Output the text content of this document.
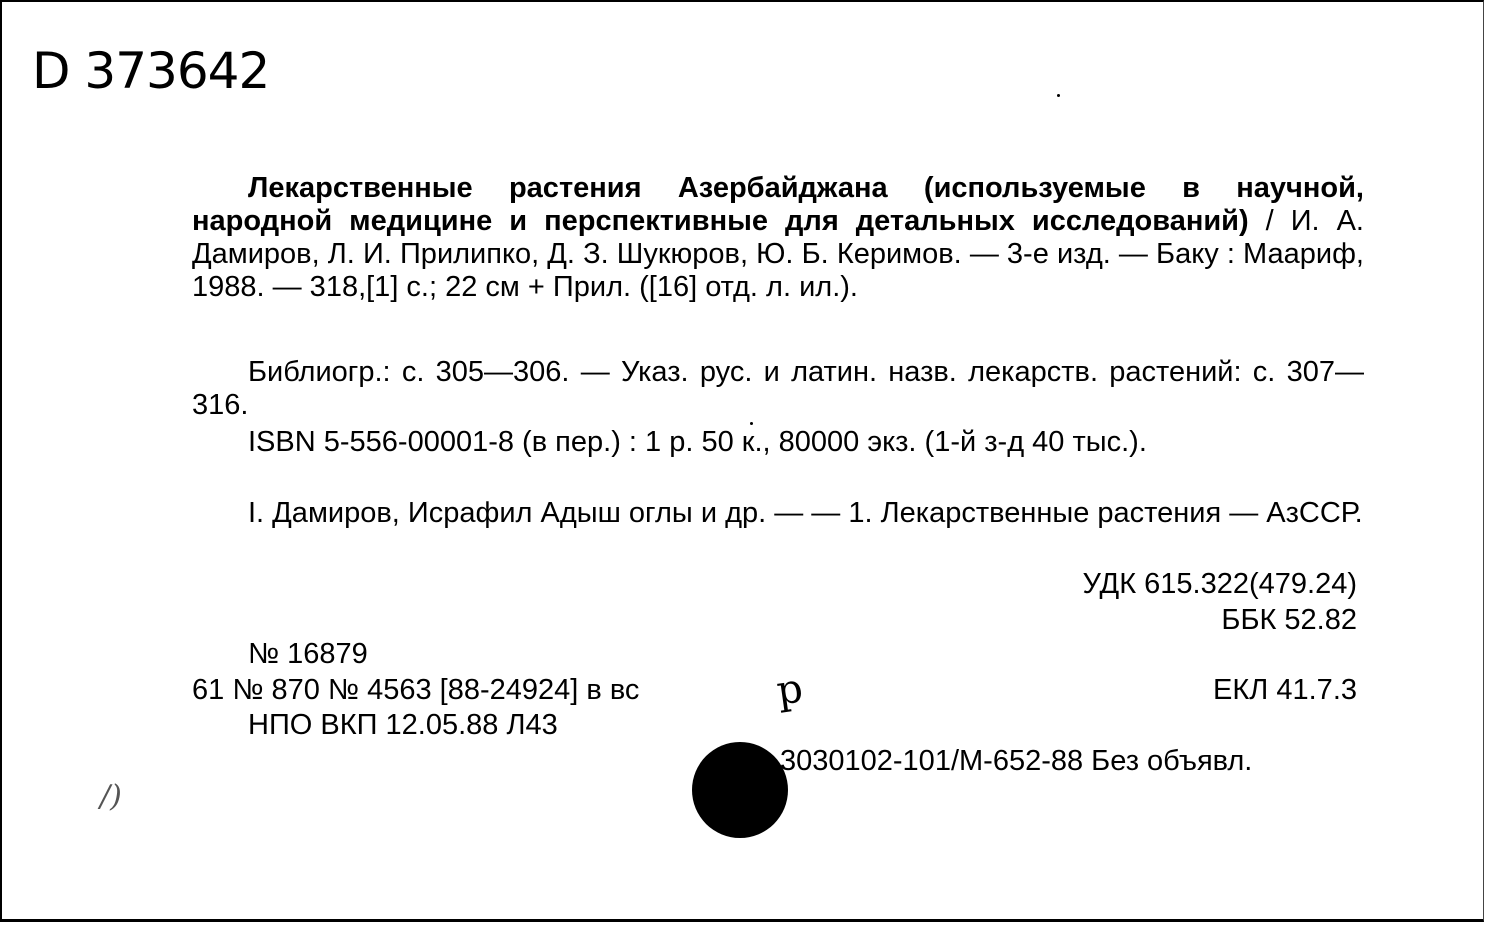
D 373642
Лекарственные растения Азербайджана (используемые в научной, народной медицине и перспективные для детальных исследований) / И. А. Дамиров, Л. И. Прилипко, Д. З. Шукюров, Ю. Б. Керимов. — 3-е изд. — Баку : Маариф, 1988. — 318,[1] с.; 22 см + Прил. ([16] отд. л. ил.).
Библиогр.: с. 305—306. — Указ. рус. и латин. назв. лекарств. растений: с. 307—316.
ISBN 5-556-00001-8 (в пер.) : 1 р. 50 к., 80000 экз. (1-й з-д 40 тыс.).
I. Дамиров, Исрафил Адыш оглы и др. — — 1. Лекарственные растения — АзССР.
УДК 615.322(479.24)
ББК 52.82
№ 16879
61 № 870 № 4563 [88-24924] в вс	р	ЕКЛ 41.7.3
НПО ВКП 12.05.88 Л43
3030102-101/М-652-88 Без объявл.
/)
